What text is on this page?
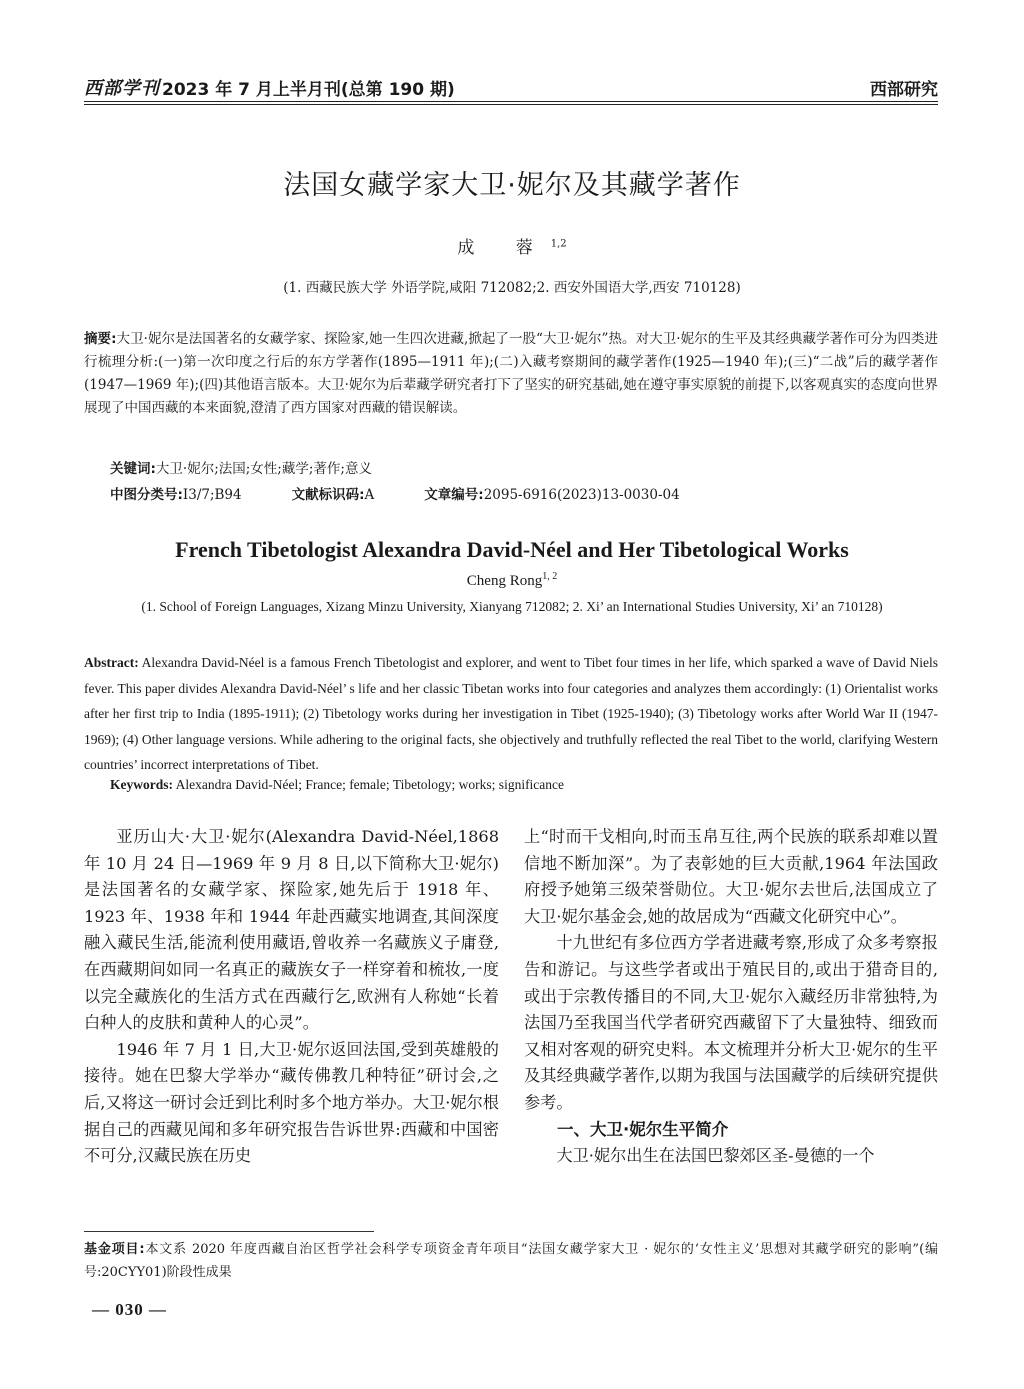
西部学刊 2023 年 7 月上半月刊(总第 190 期)	西部研究
法国女藏学家大卫·妮尔及其藏学著作
成 蓉$^{1,2}$
(1. 西藏民族大学 外语学院,咸阳 712082;2. 西安外国语大学,西安 710128)
摘要:大卫·妮尔是法国著名的女藏学家、探险家,她一生四次进藏,掀起了一股“大卫·妮尔”热。对大卫·妮尔的生平及其经典藏学著作可分为四类进行梳理分析:(一)第一次印度之行后的东方学著作(1895—1911 年);(二)入藏考察期间的藏学著作(1925—1940 年);(三)“二战”后的藏学著作(1947—1969 年);(四)其他语言版本。大卫·妮尔为后辈藏学研究者打下了坚实的研究基础,她在遵守事实原貌的前提下,以客观真实的态度向世界展现了中国西藏的本来面貌,澄清了西方国家对西藏的错误解读。
关键词:大卫·妮尔;法国;女性;藏学;著作;意义
中图分类号:I3/7;B94	文献标识码:A	文章编号:2095-6916(2023)13-0030-04
French Tibetologist Alexandra David-Néel and Her Tibetological Works
Cheng Rong$^{1, 2}$
(1. School of Foreign Languages, Xizang Minzu University, Xianyang 712082; 2. Xi’ an International Studies University, Xi’ an 710128)
Abstract: Alexandra David-Néel is a famous French Tibetologist and explorer, and went to Tibet four times in her life, which sparked a wave of David Niels fever. This paper divides Alexandra David-Néel’ s life and her classic Tibetan works into four categories and analyzes them accordingly: (1) Orientalist works after her first trip to India (1895-1911); (2) Tibetology works during her investigation in Tibet (1925-1940); (3) Tibetology works after World War II (1947-1969); (4) Other language versions. While adhering to the original facts, she objectively and truthfully reflected the real Tibet to the world, clarifying Western countries’ incorrect interpretations of Tibet.
Keywords: Alexandra David-Néel; France; female; Tibetology; works; significance

亚历山大·大卫·妮尔(Alexandra David-Néel,1868 年 10 月 24 日—1969 年 9 月 8 日,以下简称大卫·妮尔)是法国著名的女藏学家、探险家,她先后于 1918 年、1923 年、1938 年和 1944 年赴西藏实地调查,其间深度融入藏民生活,能流利使用藏语,曾收养一名藏族义子庸登,在西藏期间如同一名真正的藏族女子一样穿着和梳妆,一度以完全藏族化的生活方式在西藏行乞,欧洲有人称她“长着白种人的皮肤和黄种人的心灵”。

1946 年 7 月 1 日,大卫·妮尔返回法国,受到英雄般的接待。她在巴黎大学举办“藏传佛教几种特征”研讨会,之后,又将这一研讨会迁到比利时多个地方举办。大卫·妮尔根据自己的西藏见闻和多年研究报告告诉世界:西藏和中国密不可分,汉藏民族在历史

上“时而干戈相向,时而玉帛互往,两个民族的联系却难以置信地不断加深”。为了表彰她的巨大贡献,1964 年法国政府授予她第三级荣誉勋位。大卫·妮尔去世后,法国成立了大卫·妮尔基金会,她的故居成为“西藏文化研究中心”。

十九世纪有多位西方学者进藏考察,形成了众多考察报告和游记。与这些学者或出于殖民目的,或出于猎奇目的,或出于宗教传播目的不同,大卫·妮尔入藏经历非常独特,为法国乃至我国当代学者研究西藏留下了大量独特、细致而又相对客观的研究史料。本文梳理并分析大卫·妮尔的生平及其经典藏学著作,以期为我国与法国藏学的后续研究提供参考。

一、大卫·妮尔生平简介

大卫·妮尔出生在法国巴黎郊区圣-曼德的一个

基金项目:本文系 2020 年度西藏自治区哲学社会科学专项资金青年项目“法国女藏学家大卫 · 妮尔的‘女性主义’思想对其藏学研究的影响”(编号:20CYY01)阶段性成果
— 030 —
